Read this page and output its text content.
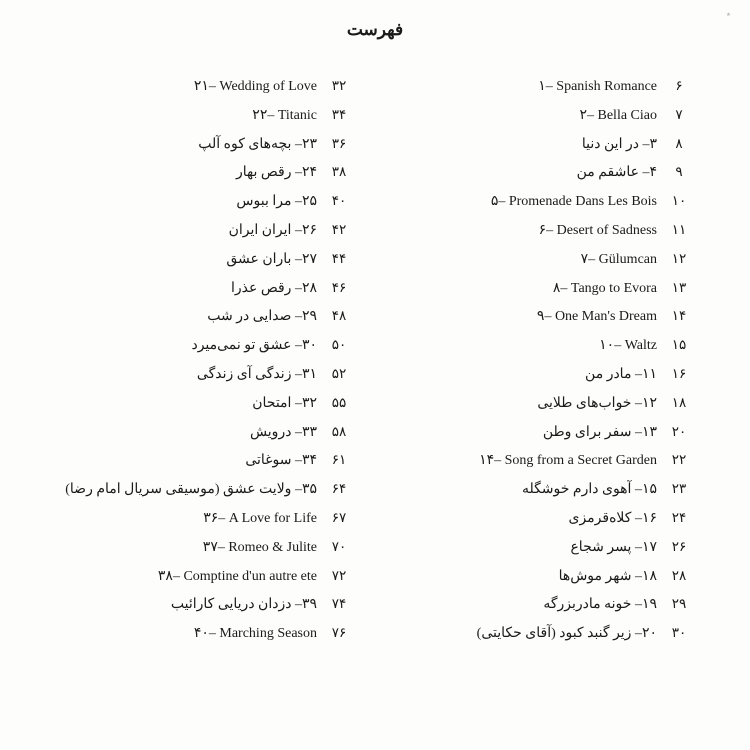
٭
فهرست
۳۲
۲۱– Wedding of Love
۳۴
۲۲– Titanic
۳۶
۲۳– بچه‌های کوه آلپ
۳۸
۲۴– رقص بهار
۴۰
۲۵– مرا ببوس
۴۲
۲۶– ایران ایران
۴۴
۲۷– باران عشق
۴۶
۲۸– رقص عذرا
۴۸
۲۹– صدایی در شب
۵۰
۳۰– عشق تو نمی‌میرد
۵۲
۳۱– زندگی آی زندگی
۵۵
۳۲– امتحان
۵۸
۳۳– درویش
۶۱
۳۴– سوغاتی
۶۴
۳۵– ولایت عشق (موسیقی سریال امام رضا)
۶۷
۳۶– A Love for Life
۷۰
۳۷– Romeo & Julite
۷۲
۳۸– Comptine d'un autre ete
۷۴
۳۹– دزدان دریایی کارائیب
۷۶
۴۰– Marching Season
۶
۱– Spanish Romance
۷
۲– Bella Ciao
۸
۳– در این دنیا
۹
۴– عاشقم من
۱۰
۵– Promenade Dans Les Bois
۱۱
۶– Desert of Sadness
۱۲
۷– Gülumcan
۱۳
۸– Tango to Evora
۱۴
۹– One Man's Dream
۱۵
۱۰– Waltz
۱۶
۱۱– مادر من
۱۸
۱۲– خواب‌های طلایی
۲۰
۱۳– سفر برای وطن
۲۲
۱۴– Song from a Secret Garden
۲۳
۱۵– آهوی دارم خوشگله
۲۴
۱۶– کلاه‌قرمزی
۲۶
۱۷– پسر شجاع
۲۸
۱۸– شهر موش‌ها
۲۹
۱۹– خونه مادربزرگه
۳۰
۲۰– زیر گنبد کبود (آقای حکایتی)
